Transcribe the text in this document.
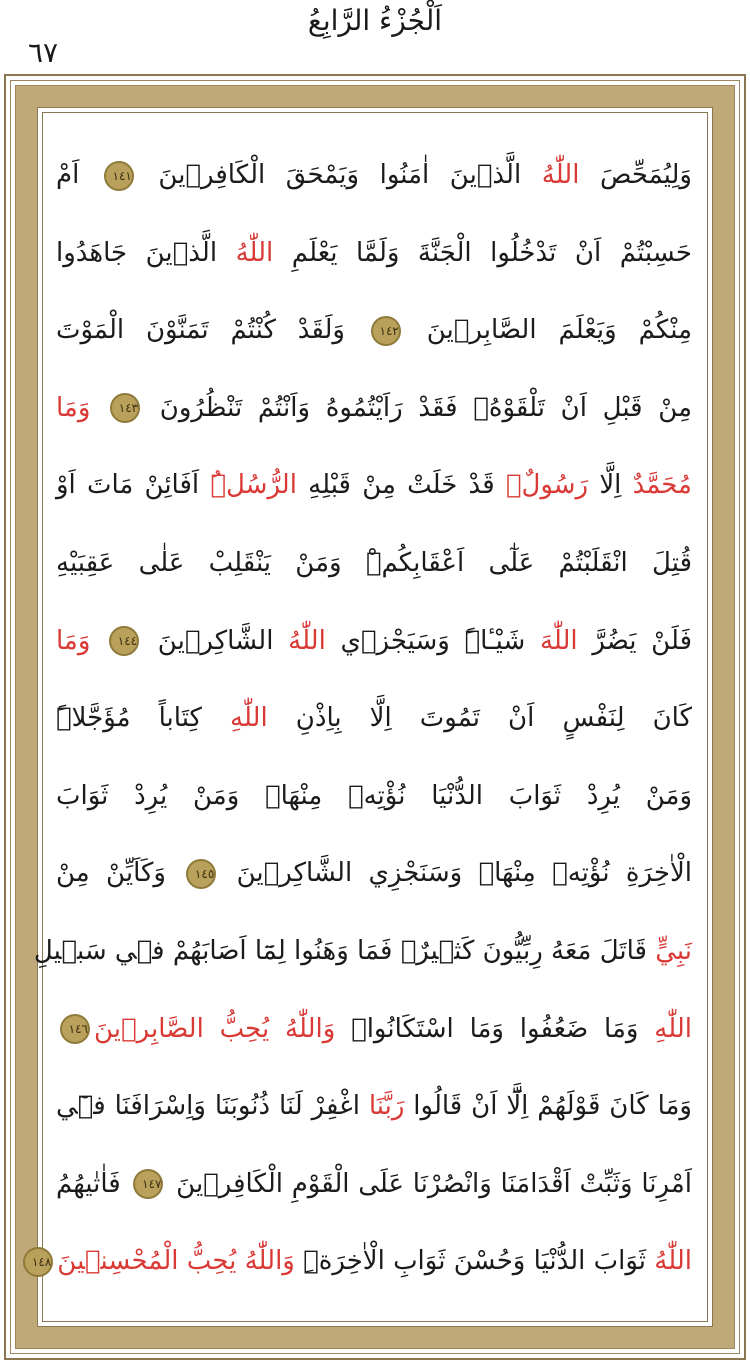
اَلْجُزْءُ الرَّابِعُ
٦٧
وَلِيُمَحِّصَ اللّٰهُ الَّذ۪ينَ اٰمَنُوا وَيَمْحَقَ الْكَافِر۪ينَ ١٤١ اَمْ
حَسِبْتُمْ اَنْ تَدْخُلُوا الْجَنَّةَ وَلَمَّا يَعْلَمِ اللّٰهُ الَّذ۪ينَ جَاهَدُوا
مِنْكُمْ وَيَعْلَمَ الصَّابِر۪ينَ ١٤٢ وَلَقَدْ كُنْتُمْ تَمَنَّوْنَ الْمَوْتَ
مِنْ قَبْلِ اَنْ تَلْقَوْهُۖ فَقَدْ رَاَيْتُمُوهُ وَاَنْتُمْ تَنْظُرُونَ ١٤٣ وَمَا
مُحَمَّدٌ اِلَّا رَسُولٌۚ قَدْ خَلَتْ مِنْ قَبْلِهِ الرُّسُلُۜ اَفَائِنْ مَاتَ اَوْ
قُتِلَ انْقَلَبْتُمْ عَلٰٓى اَعْقَابِكُمْۜ وَمَنْ يَنْقَلِبْ عَلٰى عَقِبَيْهِ
فَلَنْ يَضُرَّ اللّٰهَ شَيْـٔاًۜ وَسَيَجْز۪ي اللّٰهُ الشَّاكِر۪ينَ ١٤٤ وَمَا
كَانَ لِنَفْسٍ اَنْ تَمُوتَ اِلَّا بِاِذْنِ اللّٰهِ كِتَاباً مُؤَجَّلاًۜ
وَمَنْ يُرِدْ ثَوَابَ الدُّنْيَا نُؤْتِه۪ مِنْهَاۚ وَمَنْ يُرِدْ ثَوَابَ
الْاٰخِرَةِ نُؤْتِه۪ مِنْهَاۜ وَسَنَجْزِي الشَّاكِر۪ينَ ١٤٥ وَكَاَيِّنْ مِنْ
نَبِيٍّ قَاتَلَ مَعَهُ رِبِّيُّونَ كَث۪يرٌۚ فَمَا وَهَنُوا لِمَٓا اَصَابَهُمْ ف۪ي سَب۪يلِ
اللّٰهِ وَمَا ضَعُفُوا وَمَا اسْتَكَانُواۜ وَاللّٰهُ يُحِبُّ الصَّابِر۪ينَ١٤٦
وَمَا كَانَ قَوْلَهُمْ اِلَّٓا اَنْ قَالُوا رَبَّنَا اغْفِرْ لَنَا ذُنُوبَنَا وَاِسْرَافَنَا ف۪ٓي
اَمْرِنَا وَثَبِّتْ اَقْدَامَنَا وَانْصُرْنَا عَلَى الْقَوْمِ الْكَافِر۪ينَ ١٤٧ فَاٰتٰيهُمُ
اللّٰهُ ثَوَابَ الدُّنْيَا وَحُسْنَ ثَوَابِ الْاٰخِرَةِۜ وَاللّٰهُ يُحِبُّ الْمُحْسِن۪ينَ١٤٨
